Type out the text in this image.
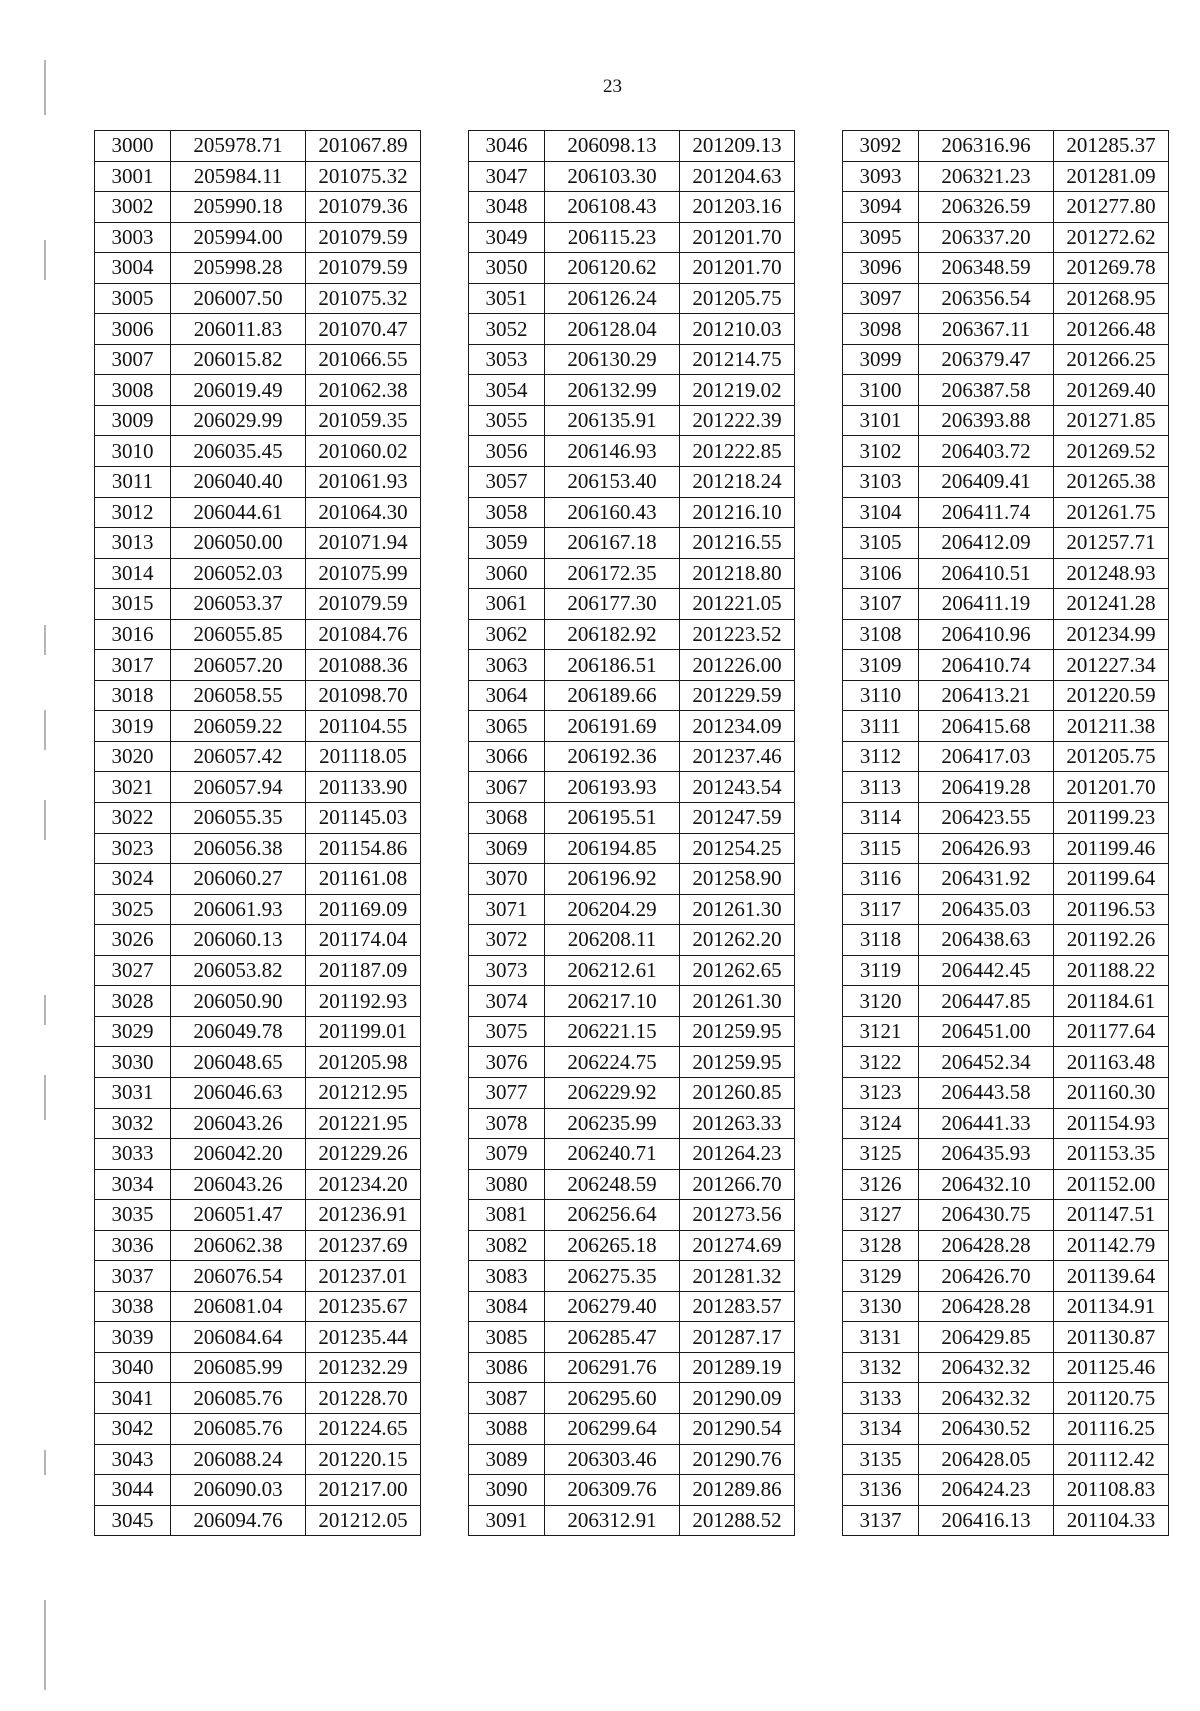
23
3000	205978.71	201067.89
3001	205984.11	201075.32
3002	205990.18	201079.36
3003	205994.00	201079.59
3004	205998.28	201079.59
3005	206007.50	201075.32
3006	206011.83	201070.47
3007	206015.82	201066.55
3008	206019.49	201062.38
3009	206029.99	201059.35
3010	206035.45	201060.02
3011	206040.40	201061.93
3012	206044.61	201064.30
3013	206050.00	201071.94
3014	206052.03	201075.99
3015	206053.37	201079.59
3016	206055.85	201084.76
3017	206057.20	201088.36
3018	206058.55	201098.70
3019	206059.22	201104.55
3020	206057.42	201118.05
3021	206057.94	201133.90
3022	206055.35	201145.03
3023	206056.38	201154.86
3024	206060.27	201161.08
3025	206061.93	201169.09
3026	206060.13	201174.04
3027	206053.82	201187.09
3028	206050.90	201192.93
3029	206049.78	201199.01
3030	206048.65	201205.98
3031	206046.63	201212.95
3032	206043.26	201221.95
3033	206042.20	201229.26
3034	206043.26	201234.20
3035	206051.47	201236.91
3036	206062.38	201237.69
3037	206076.54	201237.01
3038	206081.04	201235.67
3039	206084.64	201235.44
3040	206085.99	201232.29
3041	206085.76	201228.70
3042	206085.76	201224.65
3043	206088.24	201220.15
3044	206090.03	201217.00
3045	206094.76	201212.05
3046	206098.13	201209.13
3047	206103.30	201204.63
3048	206108.43	201203.16
3049	206115.23	201201.70
3050	206120.62	201201.70
3051	206126.24	201205.75
3052	206128.04	201210.03
3053	206130.29	201214.75
3054	206132.99	201219.02
3055	206135.91	201222.39
3056	206146.93	201222.85
3057	206153.40	201218.24
3058	206160.43	201216.10
3059	206167.18	201216.55
3060	206172.35	201218.80
3061	206177.30	201221.05
3062	206182.92	201223.52
3063	206186.51	201226.00
3064	206189.66	201229.59
3065	206191.69	201234.09
3066	206192.36	201237.46
3067	206193.93	201243.54
3068	206195.51	201247.59
3069	206194.85	201254.25
3070	206196.92	201258.90
3071	206204.29	201261.30
3072	206208.11	201262.20
3073	206212.61	201262.65
3074	206217.10	201261.30
3075	206221.15	201259.95
3076	206224.75	201259.95
3077	206229.92	201260.85
3078	206235.99	201263.33
3079	206240.71	201264.23
3080	206248.59	201266.70
3081	206256.64	201273.56
3082	206265.18	201274.69
3083	206275.35	201281.32
3084	206279.40	201283.57
3085	206285.47	201287.17
3086	206291.76	201289.19
3087	206295.60	201290.09
3088	206299.64	201290.54
3089	206303.46	201290.76
3090	206309.76	201289.86
3091	206312.91	201288.52
3092	206316.96	201285.37
3093	206321.23	201281.09
3094	206326.59	201277.80
3095	206337.20	201272.62
3096	206348.59	201269.78
3097	206356.54	201268.95
3098	206367.11	201266.48
3099	206379.47	201266.25
3100	206387.58	201269.40
3101	206393.88	201271.85
3102	206403.72	201269.52
3103	206409.41	201265.38
3104	206411.74	201261.75
3105	206412.09	201257.71
3106	206410.51	201248.93
3107	206411.19	201241.28
3108	206410.96	201234.99
3109	206410.74	201227.34
3110	206413.21	201220.59
3111	206415.68	201211.38
3112	206417.03	201205.75
3113	206419.28	201201.70
3114	206423.55	201199.23
3115	206426.93	201199.46
3116	206431.92	201199.64
3117	206435.03	201196.53
3118	206438.63	201192.26
3119	206442.45	201188.22
3120	206447.85	201184.61
3121	206451.00	201177.64
3122	206452.34	201163.48
3123	206443.58	201160.30
3124	206441.33	201154.93
3125	206435.93	201153.35
3126	206432.10	201152.00
3127	206430.75	201147.51
3128	206428.28	201142.79
3129	206426.70	201139.64
3130	206428.28	201134.91
3131	206429.85	201130.87
3132	206432.32	201125.46
3133	206432.32	201120.75
3134	206430.52	201116.25
3135	206428.05	201112.42
3136	206424.23	201108.83
3137	206416.13	201104.33
